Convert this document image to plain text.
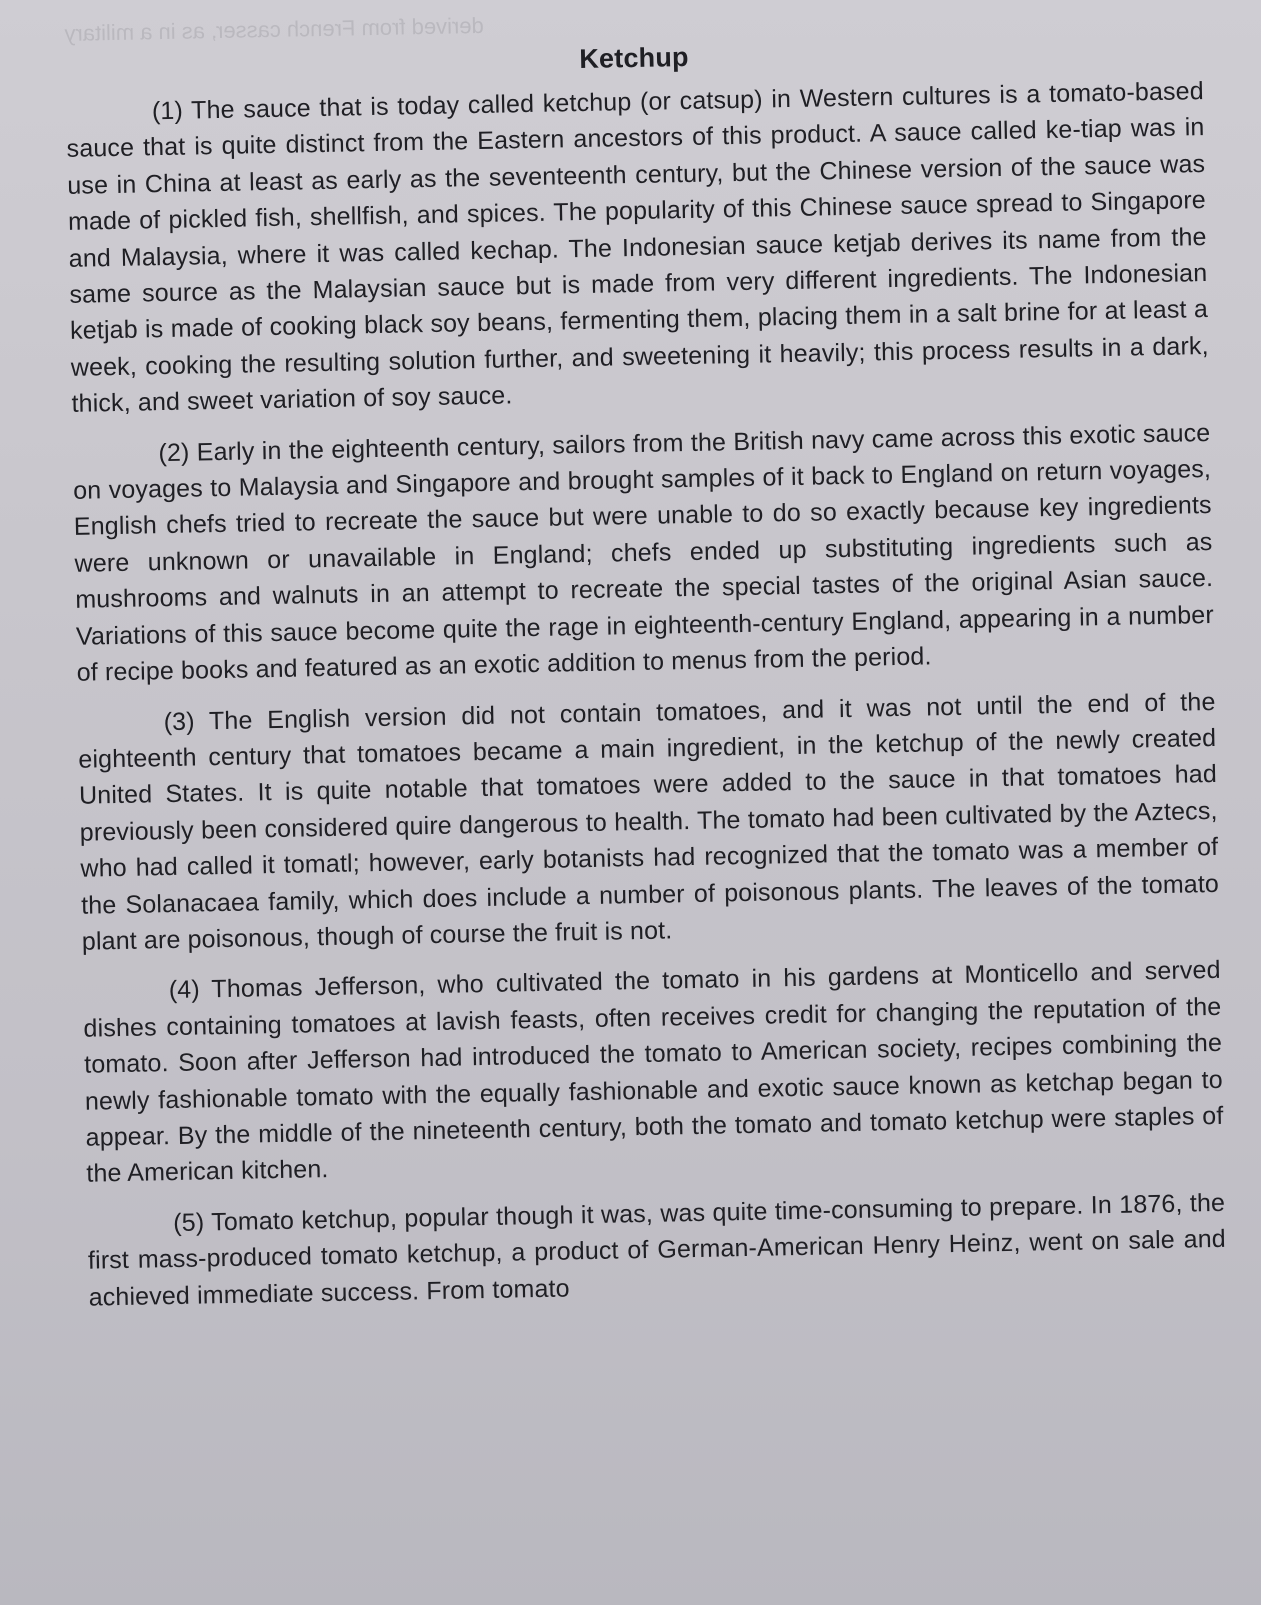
derived from French casser, as in a military
Ketchup

(1) The sauce that is today called ketchup (or catsup) in Western cultures is a tomato-based sauce that is quite distinct from the Eastern ancestors of this product. A sauce called ke-tiap was in use in China at least as early as the seventeenth century, but the Chinese version of the sauce was made of pickled fish, shellfish, and spices. The popularity of this Chinese sauce spread to Singapore and Malaysia, where it was called kechap. The Indonesian sauce ketjab derives its name from the same source as the Malaysian sauce but is made from very different ingredients. The Indonesian ketjab is made of cooking black soy beans, fermenting them, placing them in a salt brine for at least a week, cooking the resulting solution further, and sweetening it heavily; this process results in a dark, thick, and sweet variation of soy sauce.

(2) Early in the eighteenth century, sailors from the British navy came across this exotic sauce on voyages to Malaysia and Singapore and brought samples of it back to England on return voyages, English chefs tried to recreate the sauce but were unable to do so exactly because key ingredients were unknown or unavailable in England; chefs ended up substituting ingredients such as mushrooms and walnuts in an attempt to recreate the special tastes of the original Asian sauce. Variations of this sauce become quite the rage in eighteenth-century England, appearing in a number of recipe books and featured as an exotic addition to menus from the period.

(3) The English version did not contain tomatoes, and it was not until the end of the eighteenth century that tomatoes became a main ingredient, in the ketchup of the newly created United States. It is quite notable that tomatoes were added to the sauce in that tomatoes had previously been considered quire dangerous to health. The tomato had been cultivated by the Aztecs, who had called it tomatl; however, early botanists had recognized that the tomato was a member of the Solanacaea family, which does include a number of poisonous plants. The leaves of the tomato plant are poisonous, though of course the fruit is not.

(4) Thomas Jefferson, who cultivated the tomato in his gardens at Monticello and served dishes containing tomatoes at lavish feasts, often receives credit for changing the reputation of the tomato. Soon after Jefferson had introduced the tomato to American society, recipes combining the newly fashionable tomato with the equally fashionable and exotic sauce known as ketchap began to appear. By the middle of the nineteenth century, both the tomato and tomato ketchup were staples of the American kitchen.

(5) Tomato ketchup, popular though it was, was quite time-consuming to prepare. In 1876, the first mass-produced tomato ketchup, a product of German-American Henry Heinz, went on sale and achieved immediate success. From tomato
